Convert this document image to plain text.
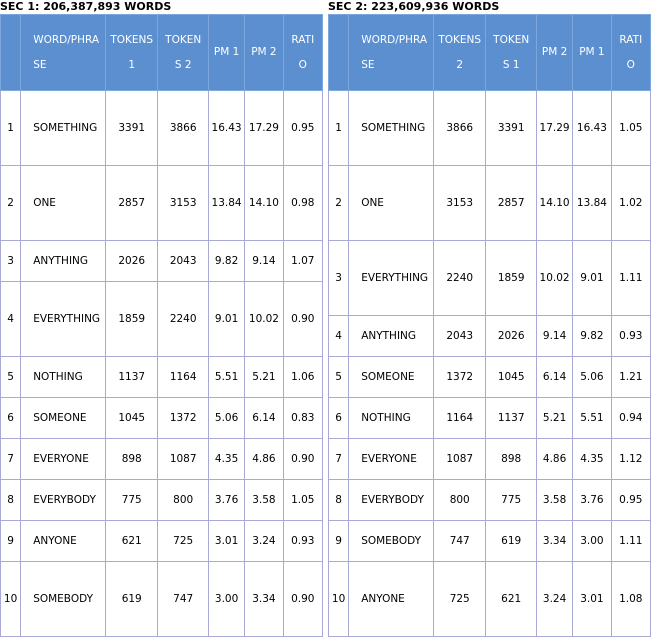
SEC 1: 206,387,893 WORDS

	WORD/PHRASE	TOKENS 1	TOKENS 2	PM 1	PM 2	RATIO

1	SOMETHING	3391	3866	16.43	17.29	0.95

2	ONE	2857	3153	13.84	14.10	0.98

3	ANYTHING	2026	2043	9.82	9.14	1.07

4	EVERYTHING	1859	2240	9.01	10.02	0.90

5	NOTHING	1137	1164	5.51	5.21	1.06

6	SOMEONE	1045	1372	5.06	6.14	0.83

7	EVERYONE	898	1087	4.35	4.86	0.90

8	EVERYBODY	775	800	3.76	3.58	1.05

9	ANYONE	621	725	3.01	3.24	0.93

10	SOMEBODY	619	747	3.00	3.34	0.90
SEC 2: 223,609,936 WORDS

	WORD/PHRASE	TOKENS 2	TOKENS 1	PM 2	PM 1	RATIO

1	SOMETHING	3866	3391	17.29	16.43	1.05

2	ONE	3153	2857	14.10	13.84	1.02

3	EVERYTHING	2240	1859	10.02	9.01	1.11

4	ANYTHING	2043	2026	9.14	9.82	0.93

5	SOMEONE	1372	1045	6.14	5.06	1.21

6	NOTHING	1164	1137	5.21	5.51	0.94

7	EVERYONE	1087	898	4.86	4.35	1.12

8	EVERYBODY	800	775	3.58	3.76	0.95

9	SOMEBODY	747	619	3.34	3.00	1.11

10	ANYONE	725	621	3.24	3.01	1.08
